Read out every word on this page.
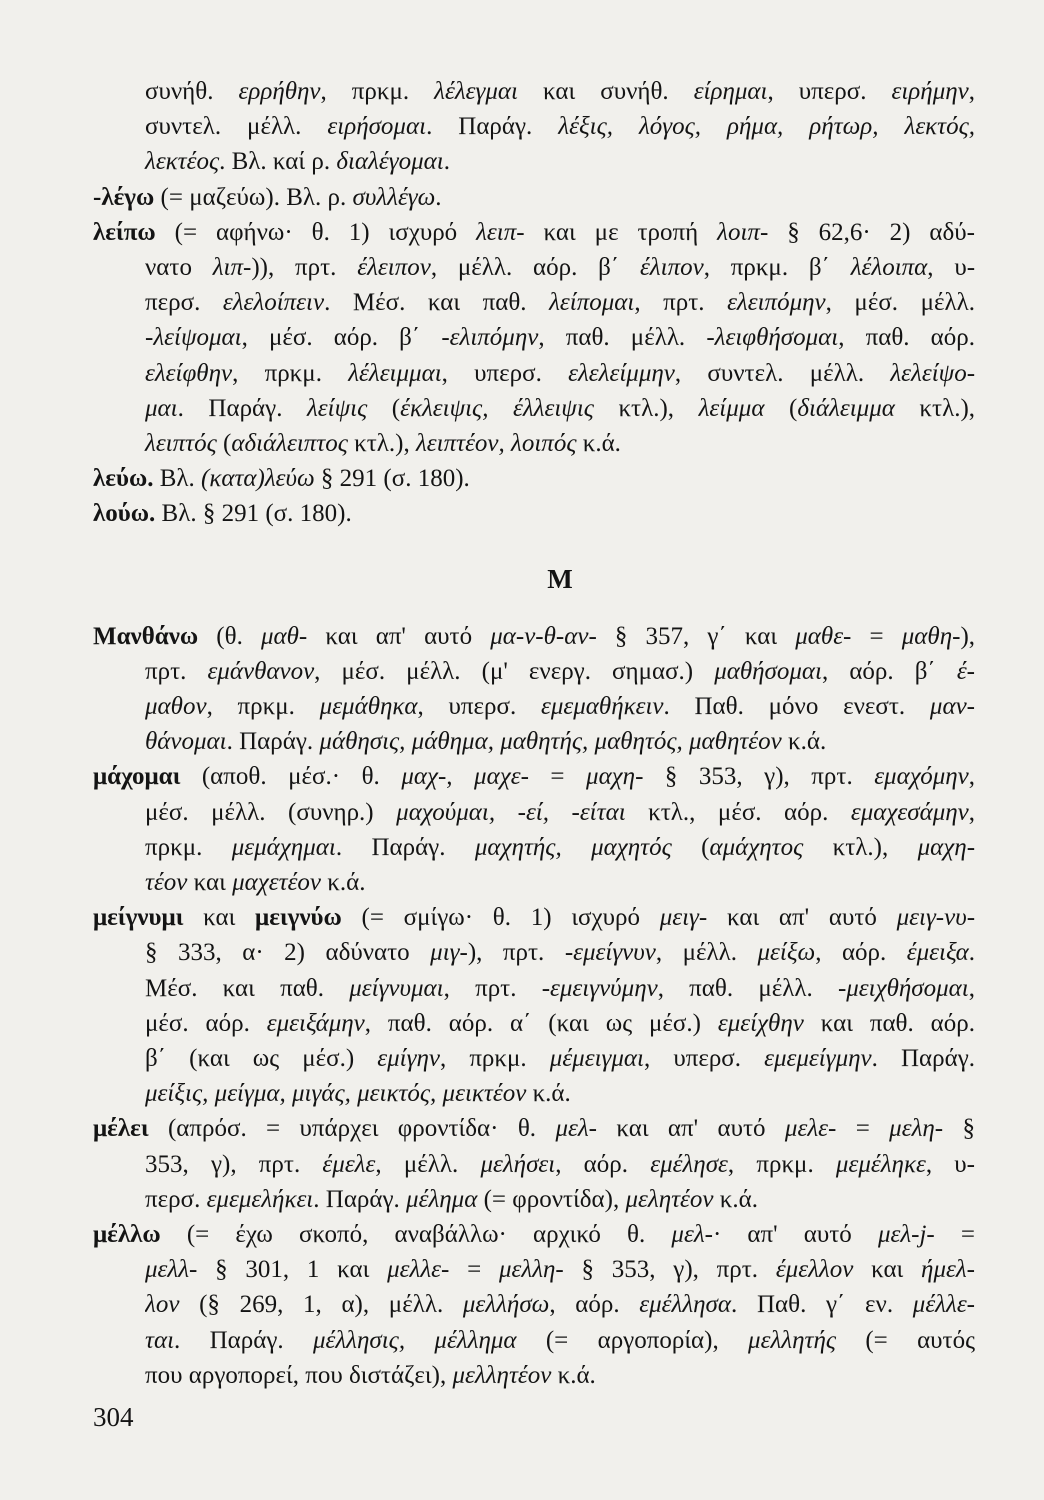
συνήθ. ερρήθην, πρκμ. λέλεγμαι και συνήθ. είρημαι, υπερσ. ειρήμην,
συντελ. μέλλ. ειρήσομαι. Παράγ. λέξις, λόγος, ρήμα, ρήτωρ, λεκτός,
λεκτέος. Βλ. καί ρ. διαλέγομαι.
-λέγω (= μαζεύω). Βλ. ρ. συλλέγω.
λείπω (= αφήνω· θ. 1) ισχυρό λειπ- και με τροπή λοιπ- § 62,6· 2) αδύ-
νατο λιπ-)), πρτ. έλειπον, μέλλ. αόρ. β΄ έλιπον, πρκμ. β΄ λέλοιπα, υ-
περσ. ελελοίπειν. Μέσ. και παθ. λείπομαι, πρτ. ελειπόμην, μέσ. μέλλ.
-λείψομαι, μέσ. αόρ. β΄ -ελιπόμην, παθ. μέλλ. -λειφθήσομαι, παθ. αόρ.
ελείφθην, πρκμ. λέλειμμαι, υπερσ. ελελείμμην, συντελ. μέλλ. λελείψο-
μαι. Παράγ. λείψις (έκλειψις, έλλειψις κτλ.), λείμμα (διάλειμμα κτλ.),
λειπτός (αδιάλειπτος κτλ.), λειπτέον, λοιπός κ.ά.
λεύω. Βλ. (κατα)λεύω § 291 (σ. 180).
λούω. Βλ. § 291 (σ. 180).
M
Μανθάνω (θ. μαθ- και απ' αυτό μα-ν-θ-αν- § 357, γ΄ και μαθε- = μαθη-),
πρτ. εμάνθανον, μέσ. μέλλ. (μ' ενεργ. σημασ.) μαθήσομαι, αόρ. β΄ έ-
μαθον, πρκμ. μεμάθηκα, υπερσ. εμεμαθήκειν. Παθ. μόνο ενεστ. μαν-
θάνομαι. Παράγ. μάθησις, μάθημα, μαθητής, μαθητός, μαθητέον κ.ά.
μάχομαι (αποθ. μέσ.· θ. μαχ-, μαχε- = μαχη- § 353, γ), πρτ. εμαχόμην,
μέσ. μέλλ. (συνηρ.) μαχούμαι, -εί, -είται κτλ., μέσ. αόρ. εμαχεσάμην,
πρκμ. μεμάχημαι. Παράγ. μαχητής, μαχητός (αμάχητος κτλ.), μαχη-
τέον και μαχετέον κ.ά.
μείγνυμι και μειγνύω (= σμίγω· θ. 1) ισχυρό μειγ- και απ' αυτό μειγ-νυ-
§ 333, α· 2) αδύνατο μιγ-), πρτ. -εμείγνυν, μέλλ. μείξω, αόρ. έμειξα.
Μέσ. και παθ. μείγνυμαι, πρτ. -εμειγνύμην, παθ. μέλλ. -μειχθήσομαι,
μέσ. αόρ. εμειξάμην, παθ. αόρ. α΄ (και ως μέσ.) εμείχθην και παθ. αόρ.
β΄ (και ως μέσ.) εμίγην, πρκμ. μέμειγμαι, υπερσ. εμεμείγμην. Παράγ.
μείξις, μείγμα, μιγάς, μεικτός, μεικτέον κ.ά.
μέλει (απρόσ. = υπάρχει φροντίδα· θ. μελ- και απ' αυτό μελε- = μελη- §
353, γ), πρτ. έμελε, μέλλ. μελήσει, αόρ. εμέλησε, πρκμ. μεμέληκε, υ-
περσ. εμεμελήκει. Παράγ. μέλημα (= φροντίδα), μελητέον κ.ά.
μέλλω (= έχω σκοπό, αναβάλλω· αρχικό θ. μελ-· απ' αυτό μελ-j- =
μελλ- § 301, 1 και μελλε- = μελλη- § 353, γ), πρτ. έμελλον και ήμελ-
λον (§ 269, 1, α), μέλλ. μελλήσω, αόρ. εμέλλησα. Παθ. γ΄ εν. μέλλε-
ται. Παράγ. μέλλησις, μέλλημα (= αργοπορία), μελλητής (= αυτός
που αργοπορεί, που διστάζει), μελλητέον κ.ά.
304
